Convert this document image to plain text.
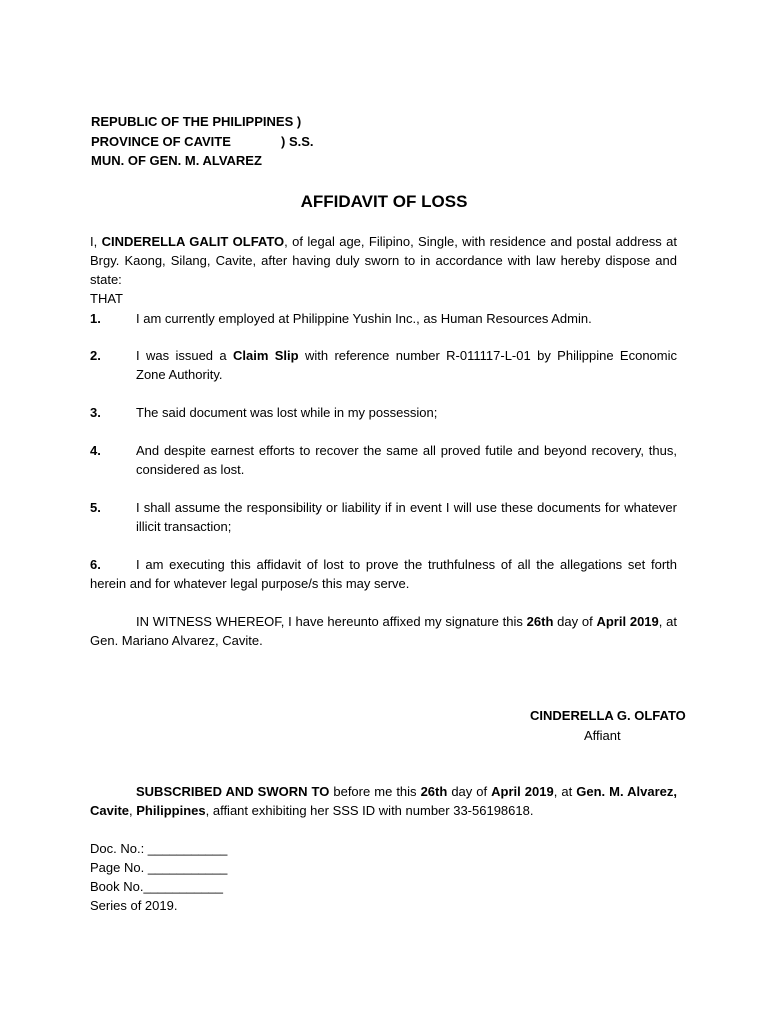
REPUBLIC OF THE PHILIPPINES )
PROVINCE OF CAVITE	) S.S.
MUN. OF GEN. M. ALVAREZ
AFFIDAVIT OF LOSS
I, CINDERELLA GALIT OLFATO, of legal age, Filipino, Single, with residence and postal address at Brgy. Kaong, Silang, Cavite, after having duly sworn to in accordance with law hereby dispose and state:
THAT
1.	I am currently employed at Philippine Yushin Inc., as Human Resources Admin.
2.	I was issued a Claim Slip with reference number R-011117-L-01 by Philippine Economic Zone Authority.
3.	The said document was lost while in my possession;
4.	And despite earnest efforts to recover the same all proved futile and beyond recovery, thus, considered as lost.
5.	I shall assume the responsibility or liability if in event I will use these documents for whatever illicit transaction;
6.	I am executing this affidavit of lost to prove the truthfulness of all the allegations set forth herein and for whatever legal purpose/s this may serve.
IN WITNESS WHEREOF, I have hereunto affixed my signature this 26th day of April 2019, at Gen. Mariano Alvarez, Cavite.
CINDERELLA G. OLFATO
Affiant
SUBSCRIBED AND SWORN TO before me this 26th day of April 2019, at Gen. M. Alvarez, Cavite, Philippines, affiant exhibiting her SSS ID with number 33-56198618.
Doc. No.: ___________
Page No. ___________
Book No.___________
Series of 2019.
